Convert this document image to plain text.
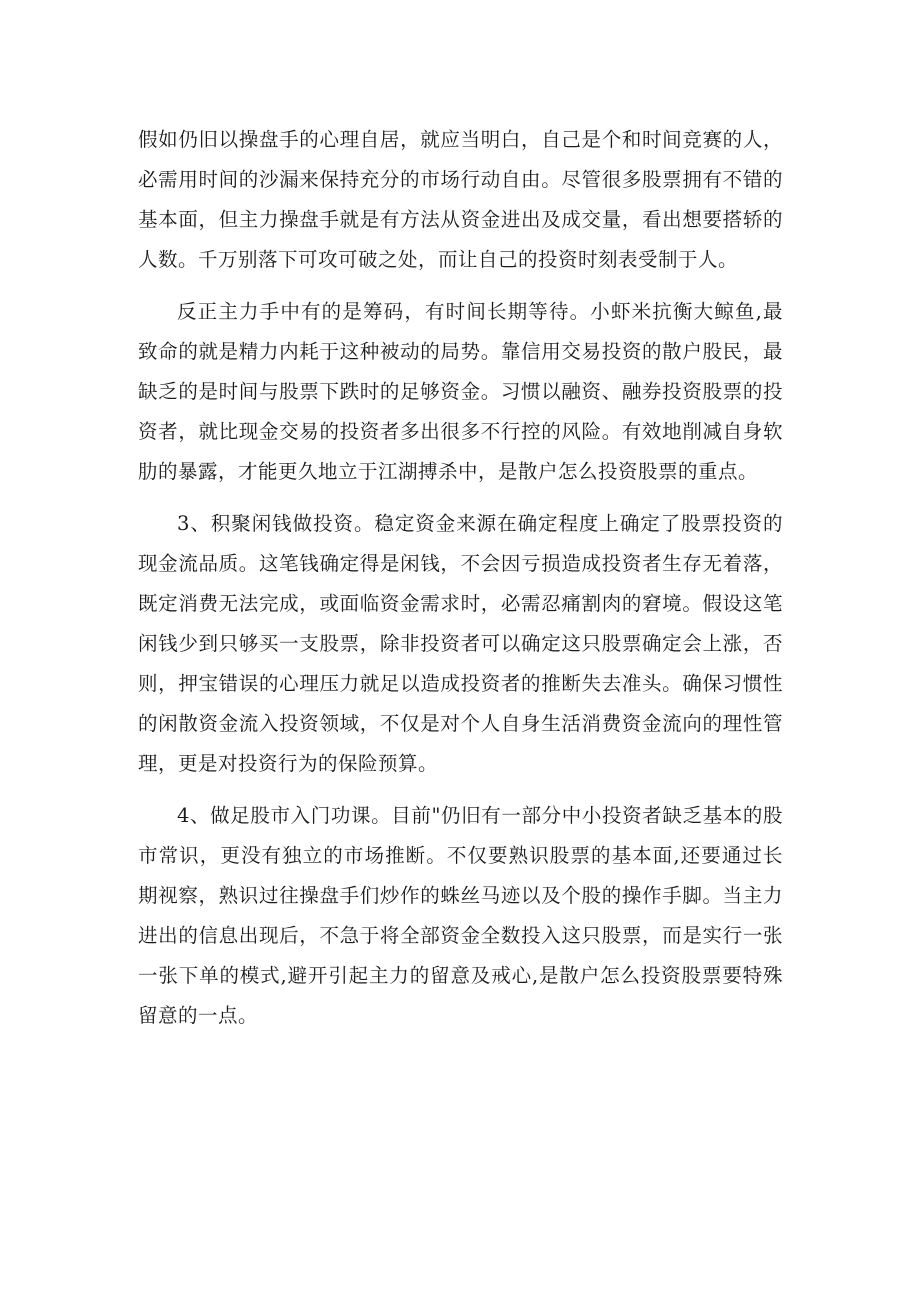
假如仍旧以操盘手的心理自居，就应当明白，自己是个和时间竞赛的人，必需用时间的沙漏来保持充分的市场行动自由。尽管很多股票拥有不错的基本面，但主力操盘手就是有方法从资金进出及成交量，看出想要搭轿的人数。千万别落下可攻可破之处，而让自己的投资时刻表受制于人。

反正主力手中有的是筹码，有时间长期等待。小虾米抗衡大鲸鱼,最致命的就是精力内耗于这种被动的局势。靠信用交易投资的散户股民，最缺乏的是时间与股票下跌时的足够资金。习惯以融资、融券投资股票的投资者，就比现金交易的投资者多出很多不行控的风险。有效地削减自身软肋的暴露，才能更久地立于江湖搏杀中，是散户怎么投资股票的重点。

3、积聚闲钱做投资。稳定资金来源在确定程度上确定了股票投资的现金流品质。这笔钱确定得是闲钱，不会因亏损造成投资者生存无着落，既定消费无法完成，或面临资金需求时，必需忍痛割肉的窘境。假设这笔闲钱少到只够买一支股票，除非投资者可以确定这只股票确定会上涨，否则，押宝错误的心理压力就足以造成投资者的推断失去准头。确保习惯性的闲散资金流入投资领域，不仅是对个人自身生活消费资金流向的理性管理，更是对投资行为的保险预算。

4、做足股市入门功课。目前"仍旧有一部分中小投资者缺乏基本的股市常识，更没有独立的市场推断。不仅要熟识股票的基本面,还要通过长期视察，熟识过往操盘手们炒作的蛛丝马迹以及个股的操作手脚。当主力进出的信息出现后，不急于将全部资金全数投入这只股票，而是实行一张一张下单的模式,避开引起主力的留意及戒心,是散户怎么投资股票要特殊留意的一点。
